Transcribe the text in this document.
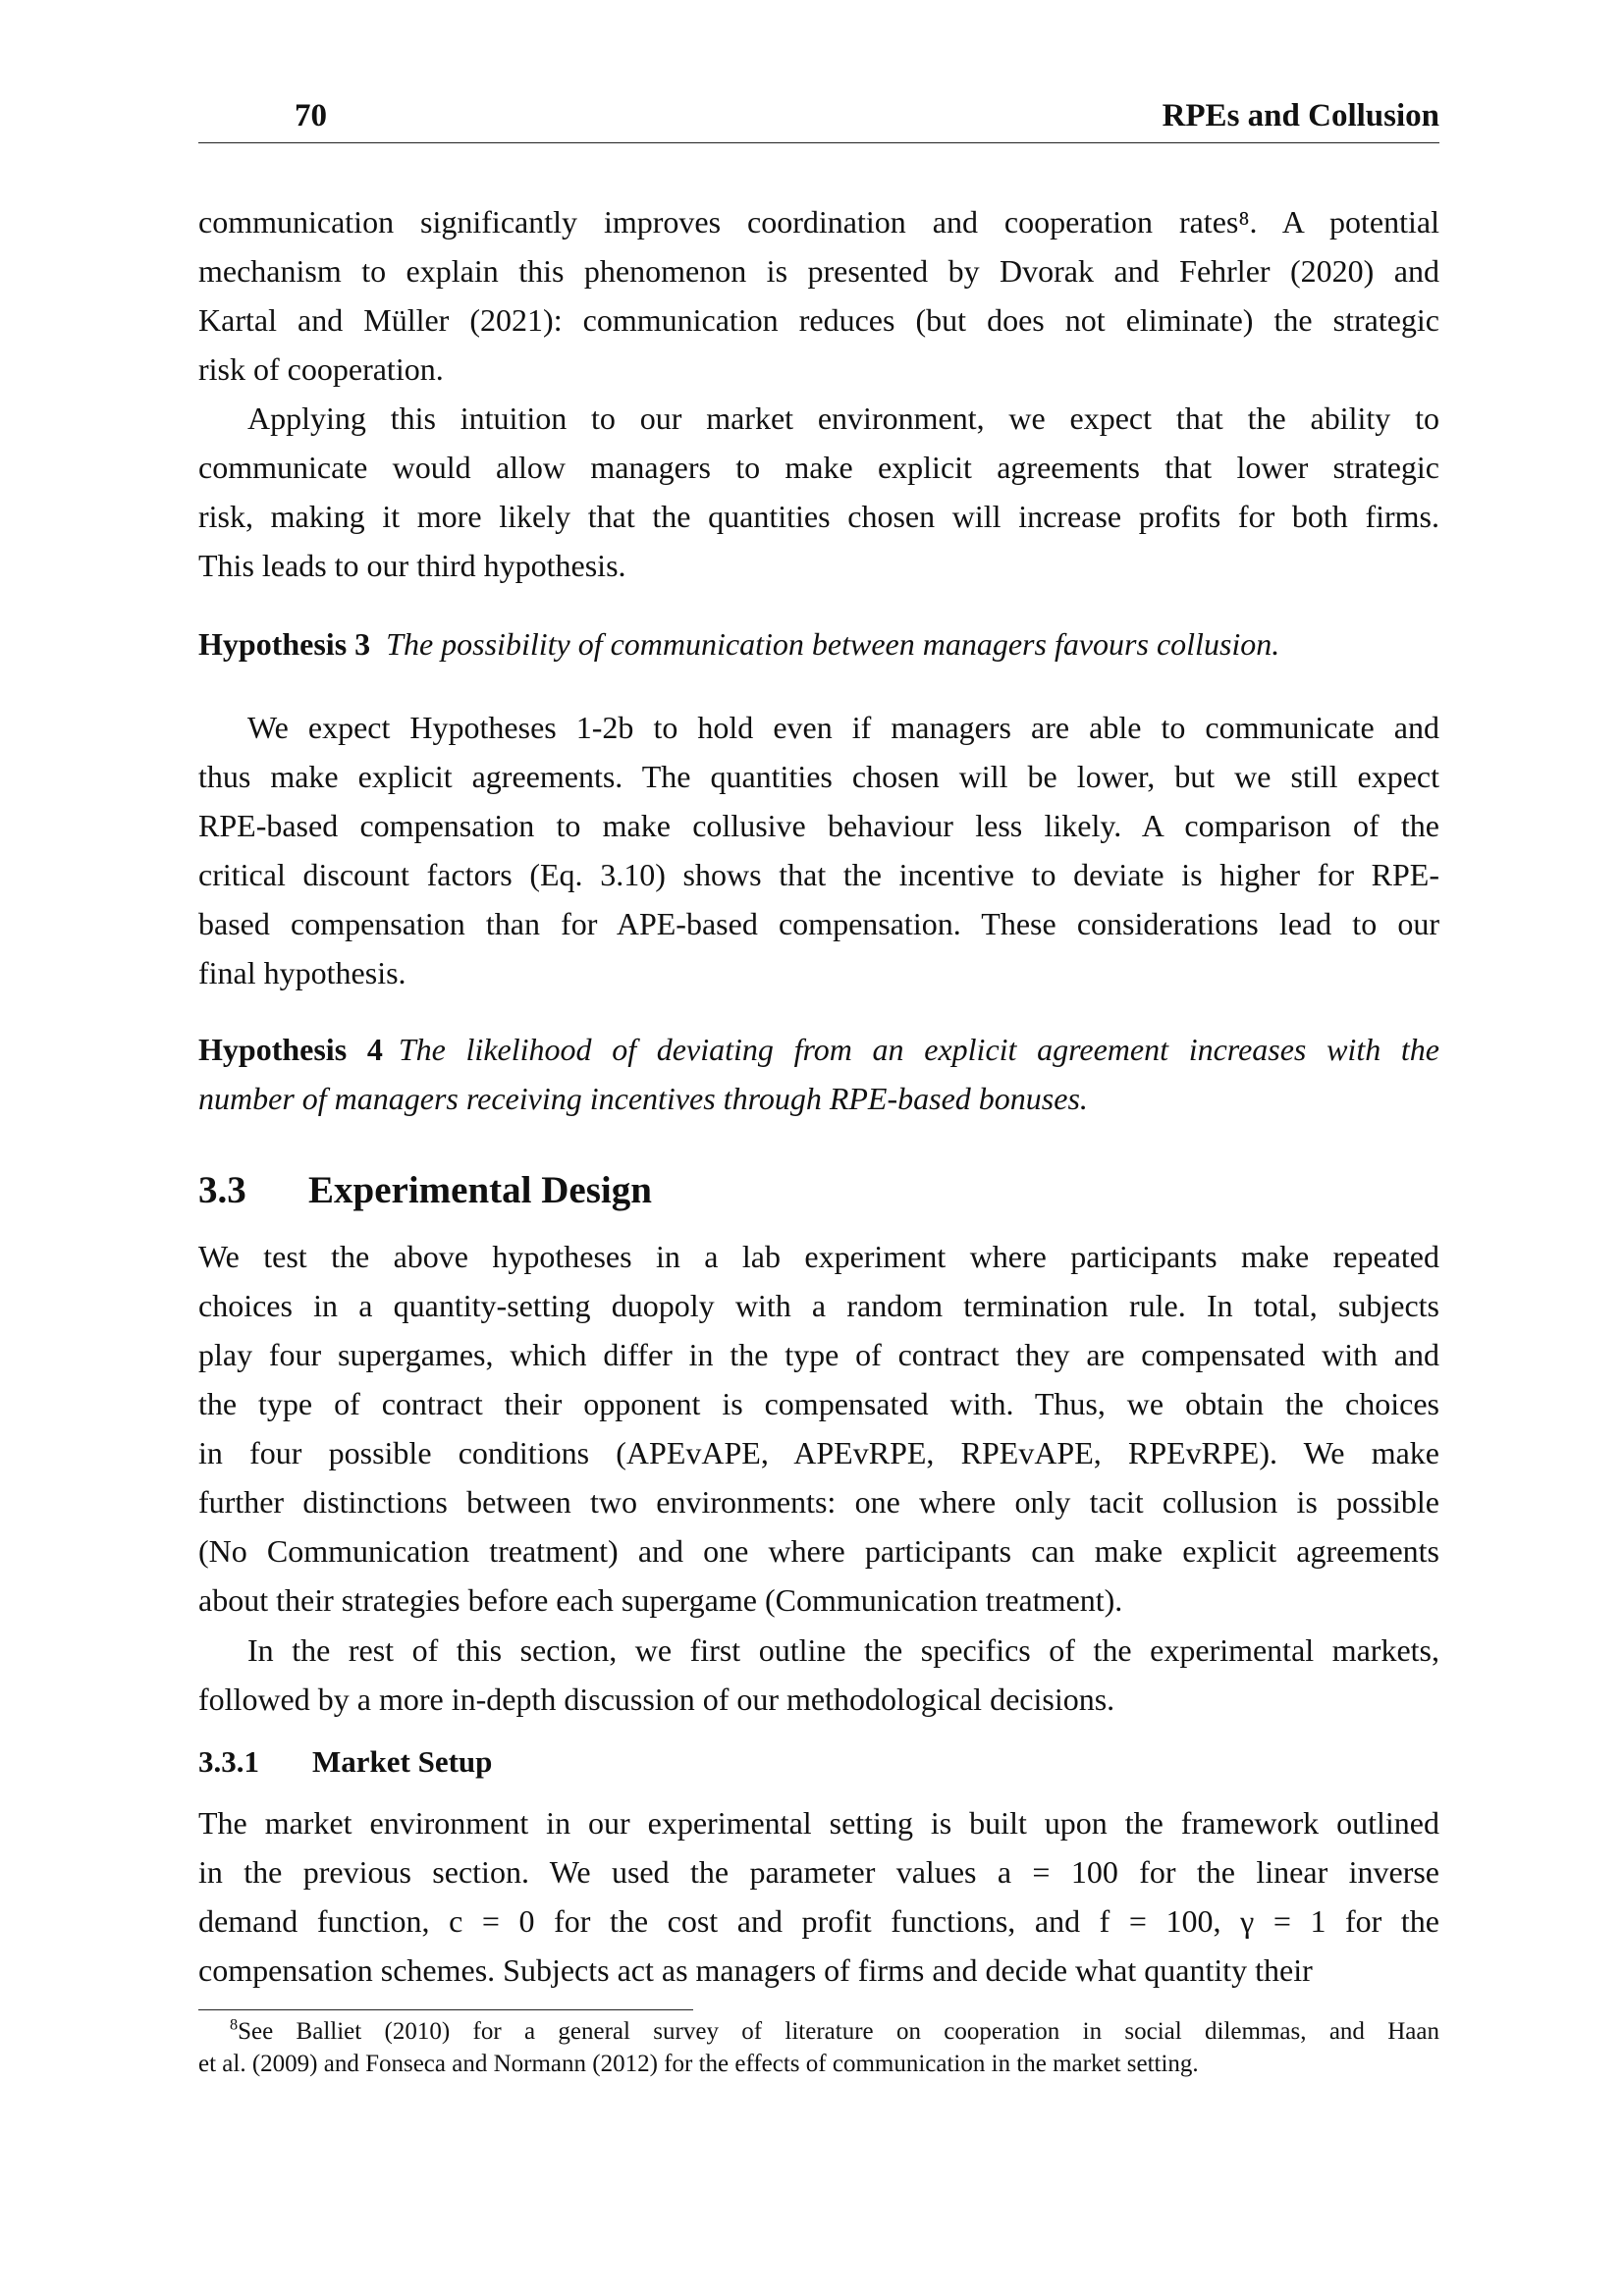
70	RPEs and Collusion
communication significantly improves coordination and cooperation rates⁸. A potential
mechanism to explain this phenomenon is presented by Dvorak and Fehrler (2020) and
Kartal and Müller (2021): communication reduces (but does not eliminate) the strategic
risk of cooperation.
Applying this intuition to our market environment, we expect that the ability to
communicate would allow managers to make explicit agreements that lower strategic
risk, making it more likely that the quantities chosen will increase profits for both firms.
This leads to our third hypothesis.
Hypothesis 3  The possibility of communication between managers favours collusion.
We expect Hypotheses 1-2b to hold even if managers are able to communicate and
thus make explicit agreements. The quantities chosen will be lower, but we still expect
RPE-based compensation to make collusive behaviour less likely. A comparison of the
critical discount factors (Eq. 3.10) shows that the incentive to deviate is higher for RPE-
based compensation than for APE-based compensation. These considerations lead to our
final hypothesis.
Hypothesis 4  The likelihood of deviating from an explicit agreement increases with the
number of managers receiving incentives through RPE-based bonuses.
3.3 Experimental Design
We test the above hypotheses in a lab experiment where participants make repeated
choices in a quantity-setting duopoly with a random termination rule. In total, subjects
play four supergames, which differ in the type of contract they are compensated with and
the type of contract their opponent is compensated with. Thus, we obtain the choices
in four possible conditions (APEvAPE, APEvRPE, RPEvAPE, RPEvRPE). We make
further distinctions between two environments: one where only tacit collusion is possible
(No Communication treatment) and one where participants can make explicit agreements
about their strategies before each supergame (Communication treatment).
In the rest of this section, we first outline the specifics of the experimental markets,
followed by a more in-depth discussion of our methodological decisions.
3.3.1 Market Setup
The market environment in our experimental setting is built upon the framework outlined
in the previous section. We used the parameter values a = 100 for the linear inverse
demand function, c = 0 for the cost and profit functions, and f = 100, γ = 1 for the
compensation schemes. Subjects act as managers of firms and decide what quantity their
$^8$See Balliet (2010) for a general survey of literature on cooperation in social dilemmas, and Haan
et al. (2009) and Fonseca and Normann (2012) for the effects of communication in the market setting.
